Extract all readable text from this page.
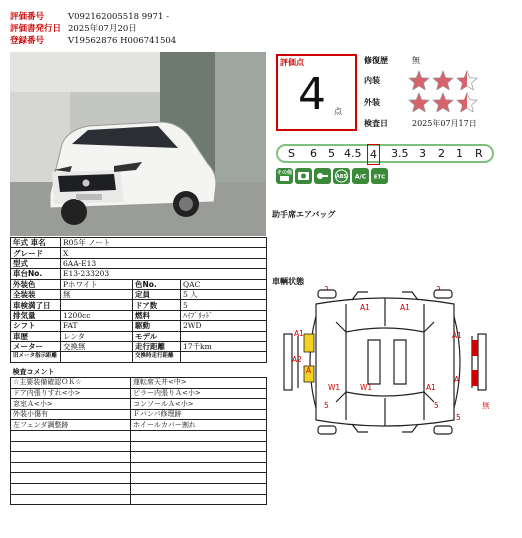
評価番号	V092162005518 9971 -
評価書発行日 2025年07月20日
登録番号	V19562876 H006741504
年式 車名	R05年 ノート		
グレード	X		
型式	6AA-E13		
車台No.	E13-233203		
外装色	Pホワイト	色No.	QAC
全装装	無	定員	5 人
車検満了日		ドア数	5
排気量	1200cc	燃料	ﾊｲﾌﾞﾘｯﾄﾞ
シフト	FAT	駆動	2WD
車歴	レンタ	モデル	
メーター	交換無	走行距離	17千km
旧メータ指示距離		交換時走行距離	
検査コメント	
☆主要装備確認ＯＫ☆	運転席天井<中>
ドア内張りすれ<小>	ピラー内張りＡ<小>
窓室Ａ<小>	コンソールＡ<小>
外装小傷有	Ｆバンパ修理跡
左フェンダ調整跡	ホイールカバー割れ

評価点
4 点
修復歴	無
内装
外装
検査日	2025年07月17日
S 6 5 4.5 4 3.5 3 2 1 R
その他
ABS A/C ETC
助手席エアバッグ
車輌状態
5	5
A1	A1
A1	A1
A2
A
A
W1	W1	A1
5	5
5
無
